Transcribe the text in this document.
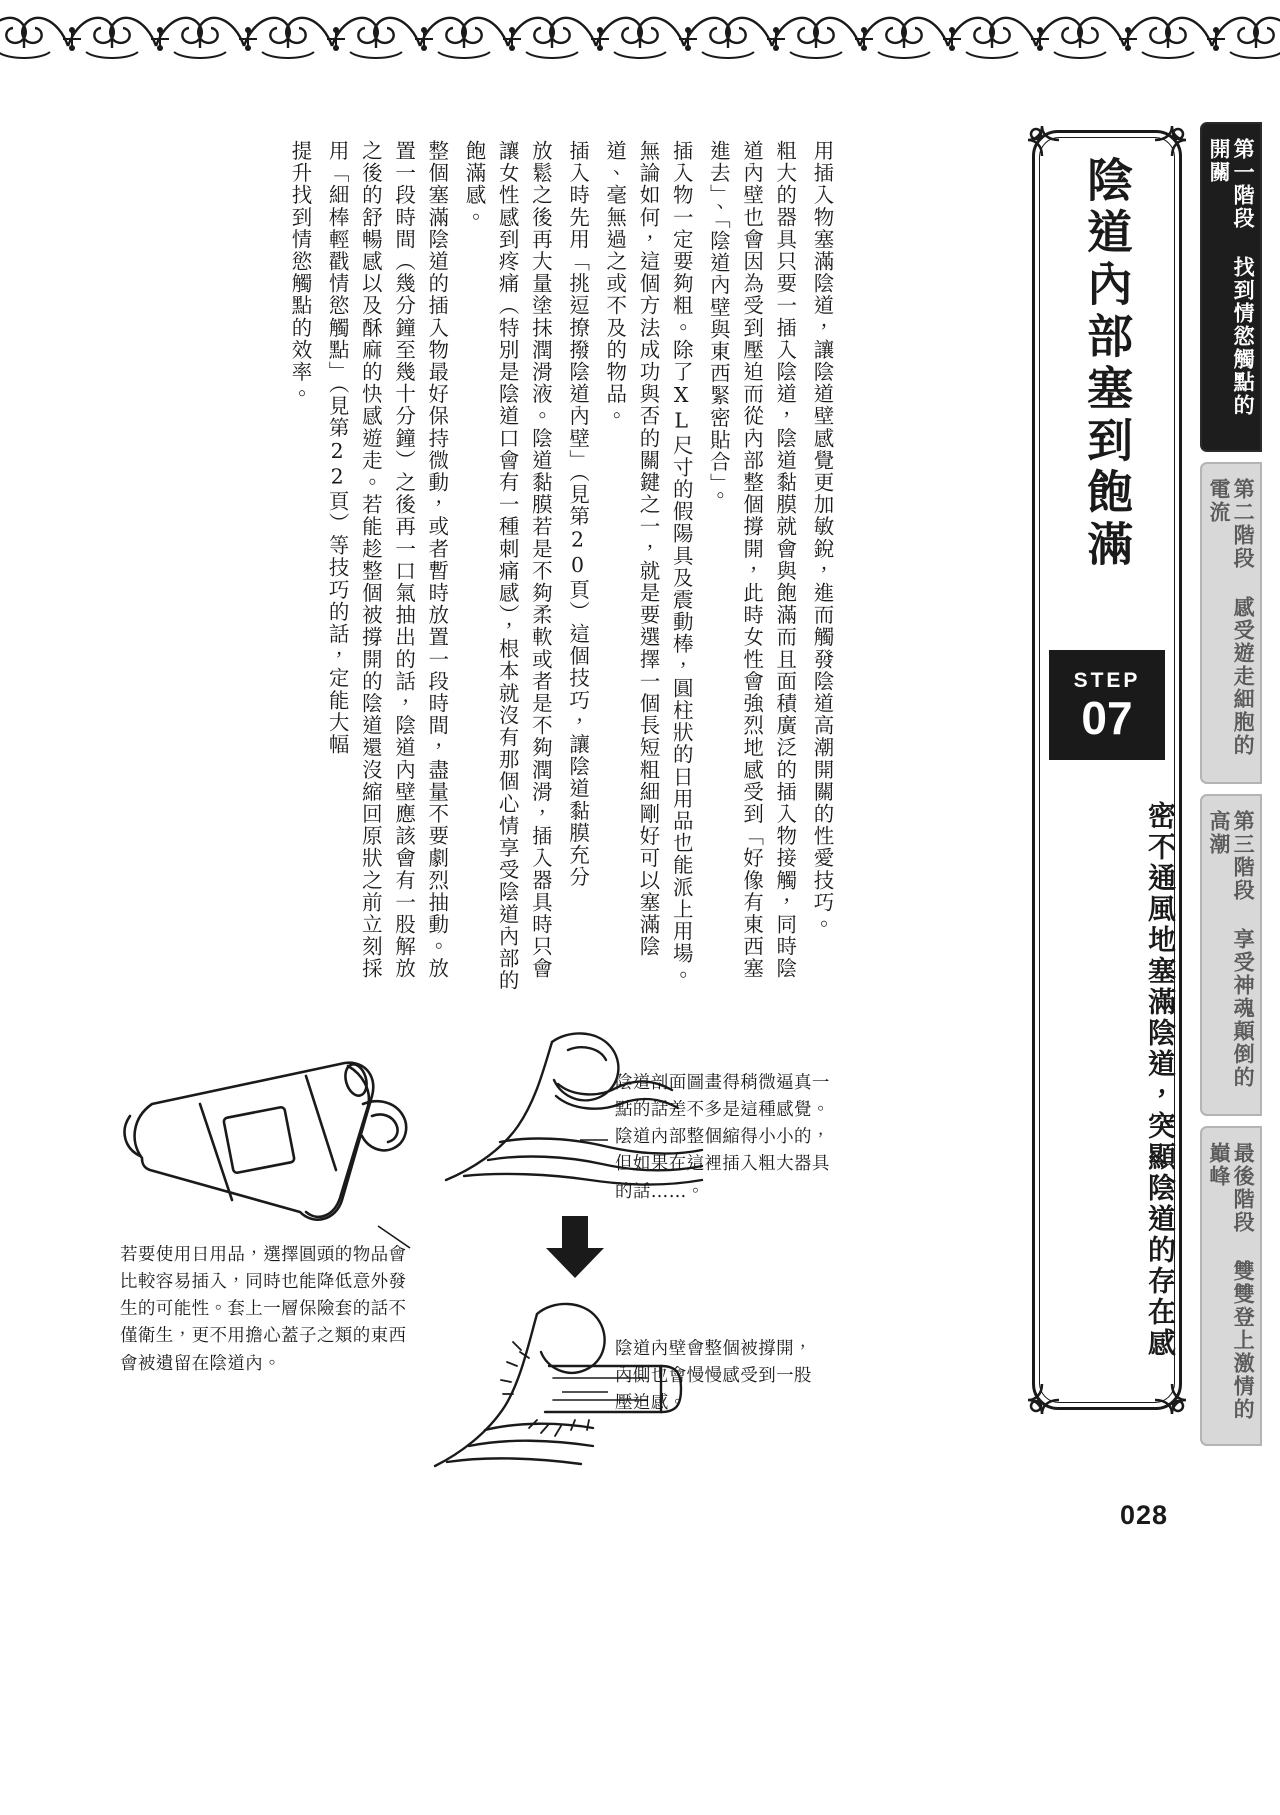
第一階段 找到情慾觸點的開關
第二階段 感受遊走細胞的電流
第三階段 享受神魂顛倒的高潮
最後階段 雙雙登上激情的巔峰
陰道內部塞到飽滿
STEP
07
密不通風地塞滿陰道，突顯陰道的存在感
用插入物塞滿陰道，讓陰道壁感覺更加敏銳，進而觸發陰道高潮開關的性愛技巧。
粗大的器具只要一插入陰道，陰道黏膜就會與飽滿而且面積廣泛的插入物接觸，同時陰道內壁也會因為受到壓迫而從內部整個撐開，此時女性會強烈地感受到「好像有東西塞進去」、「陰道內壁與東西緊密貼合」。
插入物一定要夠粗。除了XL尺寸的假陽具及震動棒，圓柱狀的日用品也能派上用場。無論如何，這個方法成功與否的關鍵之一，就是要選擇一個長短粗細剛好可以塞滿陰道、毫無過之或不及的物品。
插入時先用「挑逗撩撥陰道內壁」（見第20頁）這個技巧，讓陰道黏膜充分
放鬆之後再大量塗抹潤滑液。陰道黏膜若是不夠柔軟或者是不夠潤滑，插入器具時只會讓女性感到疼痛（特別是陰道口會有一種刺痛感），根本就沒有那個心情享受陰道內部的飽滿感。
整個塞滿陰道的插入物最好保持微動，或者暫時放置一段時間，盡量不要劇烈抽動。放置一段時間（幾分鐘至幾十分鐘）之後再一口氣抽出的話，陰道內壁應該會有一股解放之後的舒暢感以及酥麻的快感遊走。若能趁整個被撐開的陰道還沒縮回原狀之前立刻採用「細棒輕戳情慾觸點」（見第22頁）等技巧的話，定能大幅
提升找到情慾觸點的效率。
陰道剖面圖畫得稍微逼真一點的話差不多是這種感覺。陰道內部整個縮得小小的，但如果在這裡插入粗大器具的話……。
陰道內壁會整個被撐開，內側也會慢慢感受到一股壓迫感。
若要使用日用品，選擇圓頭的物品會比較容易插入，同時也能降低意外發生的可能性。套上一層保險套的話不僅衛生，更不用擔心蓋子之類的東西會被遺留在陰道內。
028
